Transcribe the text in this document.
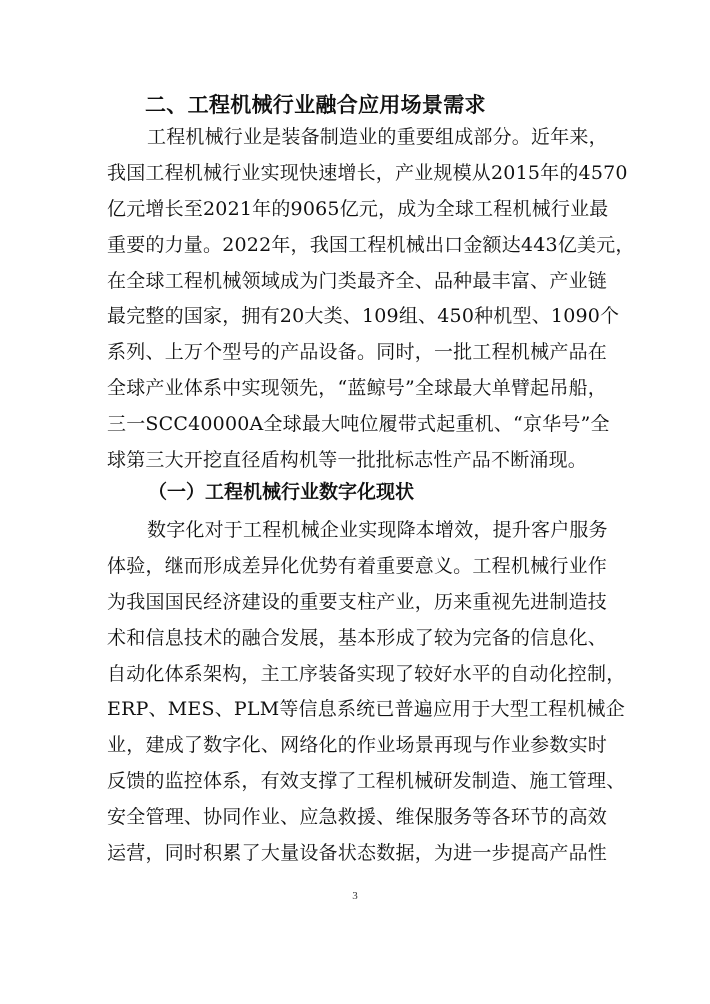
二、工程机械行业融合应用场景需求
工程机械行业是装备制造业的重要组成部分。近年来，
我国工程机械行业实现快速增长，产业规模从2015年的4570
亿元增长至2021年的9065亿元，成为全球工程机械行业最
重要的力量。2022年，我国工程机械出口金额达443亿美元，
在全球工程机械领域成为门类最齐全、品种最丰富、产业链
最完整的国家，拥有20大类、109组、450种机型、1090个
系列、上万个型号的产品设备。同时，一批工程机械产品在
全球产业体系中实现领先，“蓝鲸号”全球最大单臂起吊船，
三一SCC40000A全球最大吨位履带式起重机、“京华号”全
球第三大开挖直径盾构机等一批批标志性产品不断涌现。
（一）工程机械行业数字化现状
数字化对于工程机械企业实现降本增效，提升客户服务
体验，继而形成差异化优势有着重要意义。工程机械行业作
为我国国民经济建设的重要支柱产业，历来重视先进制造技
术和信息技术的融合发展，基本形成了较为完备的信息化、
自动化体系架构，主工序装备实现了较好水平的自动化控制，
ERP、MES、PLM等信息系统已普遍应用于大型工程机械企
业，建成了数字化、网络化的作业场景再现与作业参数实时
反馈的监控体系，有效支撑了工程机械研发制造、施工管理、
安全管理、协同作业、应急救援、维保服务等各环节的高效
运营，同时积累了大量设备状态数据，为进一步提高产品性
3
